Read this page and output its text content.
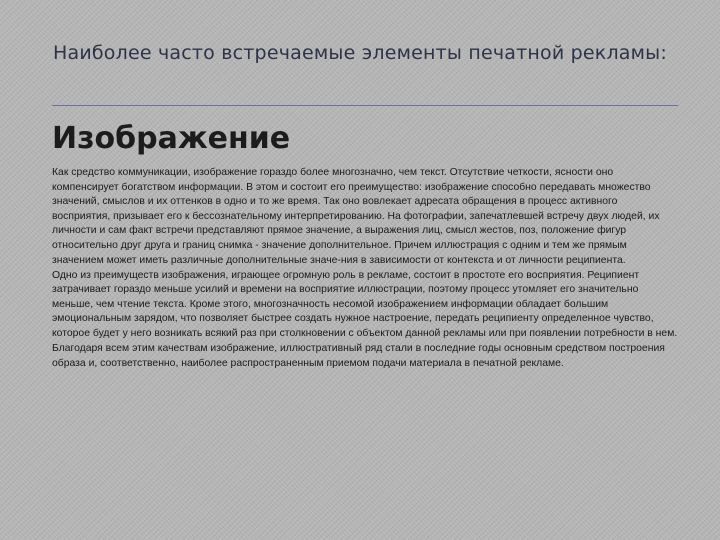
Наиболее часто встречаемые элементы печатной рекламы:
Изображение

Как средство коммуникации, изображение гораздо более многозначно, чем текст. Отсутствие четкости, ясности оно компенсирует богатством информации. В этом и состоит его преимущество: изображение способно передавать множество значений, смыслов и их оттенков в одно и то же время. Так оно вовлекает адресата обращения в процесс активного восприятия, призывает его к бессознательному интерпретированию. На фотографии, запечатлевшей встречу двух людей, их личности и сам факт встречи представляют прямое значение, а выражения лиц, смысл жестов, поз, положение фигур относительно друг друга и границ снимка - значение дополнительное. Причем иллюстрация с одним и тем же прямым значением может иметь различные дополнительные значе-ния в зависимости от контекста и от личности реципиента.

Одно из преимуществ изображения, играющее огромную роль в рекламе, состоит в простоте его восприятия. Реципиент затрачивает гораздо меньше усилий и времени на восприятие иллюстрации, поэтому процесс утомляет его значительно меньше, чем чтение текста. Кроме этого, многозначность несомой изображением информации обладает большим эмоциональным зарядом, что позволяет быстрее создать нужное настроение, передать реципиенту определенное чувство, которое будет у него возникать всякий раз при столкновении с объектом данной рекламы или при появлении потребности в нем.

Благодаря всем этим качествам изображение, иллюстративный ряд стали в последние годы основным средством построения образа и, соответственно, наиболее распространенным приемом подачи материала в печатной рекламе.
